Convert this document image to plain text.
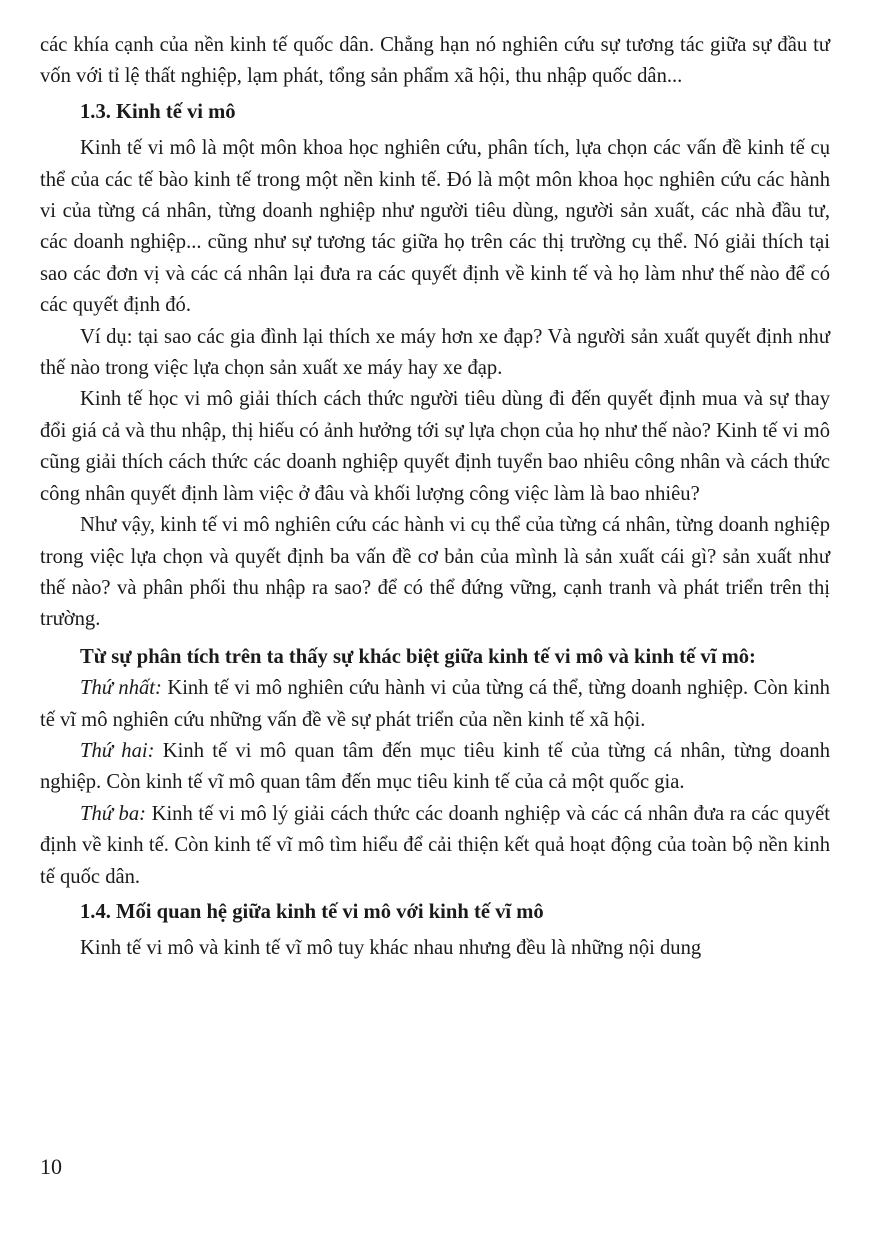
các khía cạnh của nền kinh tế quốc dân. Chẳng hạn nó nghiên cứu sự tương tác giữa sự đầu tư vốn với tỉ lệ thất nghiệp, lạm phát, tổng sản phẩm xã hội, thu nhập quốc dân...

1.3. Kinh tế vi mô

Kinh tế vi mô là một môn khoa học nghiên cứu, phân tích, lựa chọn các vấn đề kinh tế cụ thể của các tế bào kinh tế trong một nền kinh tế. Đó là một môn khoa học nghiên cứu các hành vi của từng cá nhân, từng doanh nghiệp như người tiêu dùng, người sản xuất, các nhà đầu tư, các doanh nghiệp... cũng như sự tương tác giữa họ trên các thị trường cụ thể. Nó giải thích tại sao các đơn vị và các cá nhân lại đưa ra các quyết định về kinh tế và họ làm như thế nào để có các quyết định đó.

Ví dụ: tại sao các gia đình lại thích xe máy hơn xe đạp? Và người sản xuất quyết định như thế nào trong việc lựa chọn sản xuất xe máy hay xe đạp.

Kinh tế học vi mô giải thích cách thức người tiêu dùng đi đến quyết định mua và sự thay đổi giá cả và thu nhập, thị hiếu có ảnh hưởng tới sự lựa chọn của họ như thế nào? Kinh tế vi mô cũng giải thích cách thức các doanh nghiệp quyết định tuyển bao nhiêu công nhân và cách thức công nhân quyết định làm việc ở đâu và khối lượng công việc làm là bao nhiêu?

Như vậy, kinh tế vi mô nghiên cứu các hành vi cụ thể của từng cá nhân, từng doanh nghiệp trong việc lựa chọn và quyết định ba vấn đề cơ bản của mình là sản xuất cái gì? sản xuất như thế nào? và phân phối thu nhập ra sao? để có thể đứng vững, cạnh tranh và phát triển trên thị trường.

Từ sự phân tích trên ta thấy sự khác biệt giữa kinh tế vi mô và kinh tế vĩ mô:

Thứ nhất: Kinh tế vi mô nghiên cứu hành vi của từng cá thể, từng doanh nghiệp. Còn kinh tế vĩ mô nghiên cứu những vấn đề về sự phát triển của nền kinh tế xã hội.

Thứ hai: Kinh tế vi mô quan tâm đến mục tiêu kinh tế của từng cá nhân, từng doanh nghiệp. Còn kinh tế vĩ mô quan tâm đến mục tiêu kinh tế của cả một quốc gia.

Thứ ba: Kinh tế vi mô lý giải cách thức các doanh nghiệp và các cá nhân đưa ra các quyết định về kinh tế. Còn kinh tế vĩ mô tìm hiểu để cải thiện kết quả hoạt động của toàn bộ nền kinh tế quốc dân.

1.4. Mối quan hệ giữa kinh tế vi mô với kinh tế vĩ mô

Kinh tế vi mô và kinh tế vĩ mô tuy khác nhau nhưng đều là những nội dung

10
